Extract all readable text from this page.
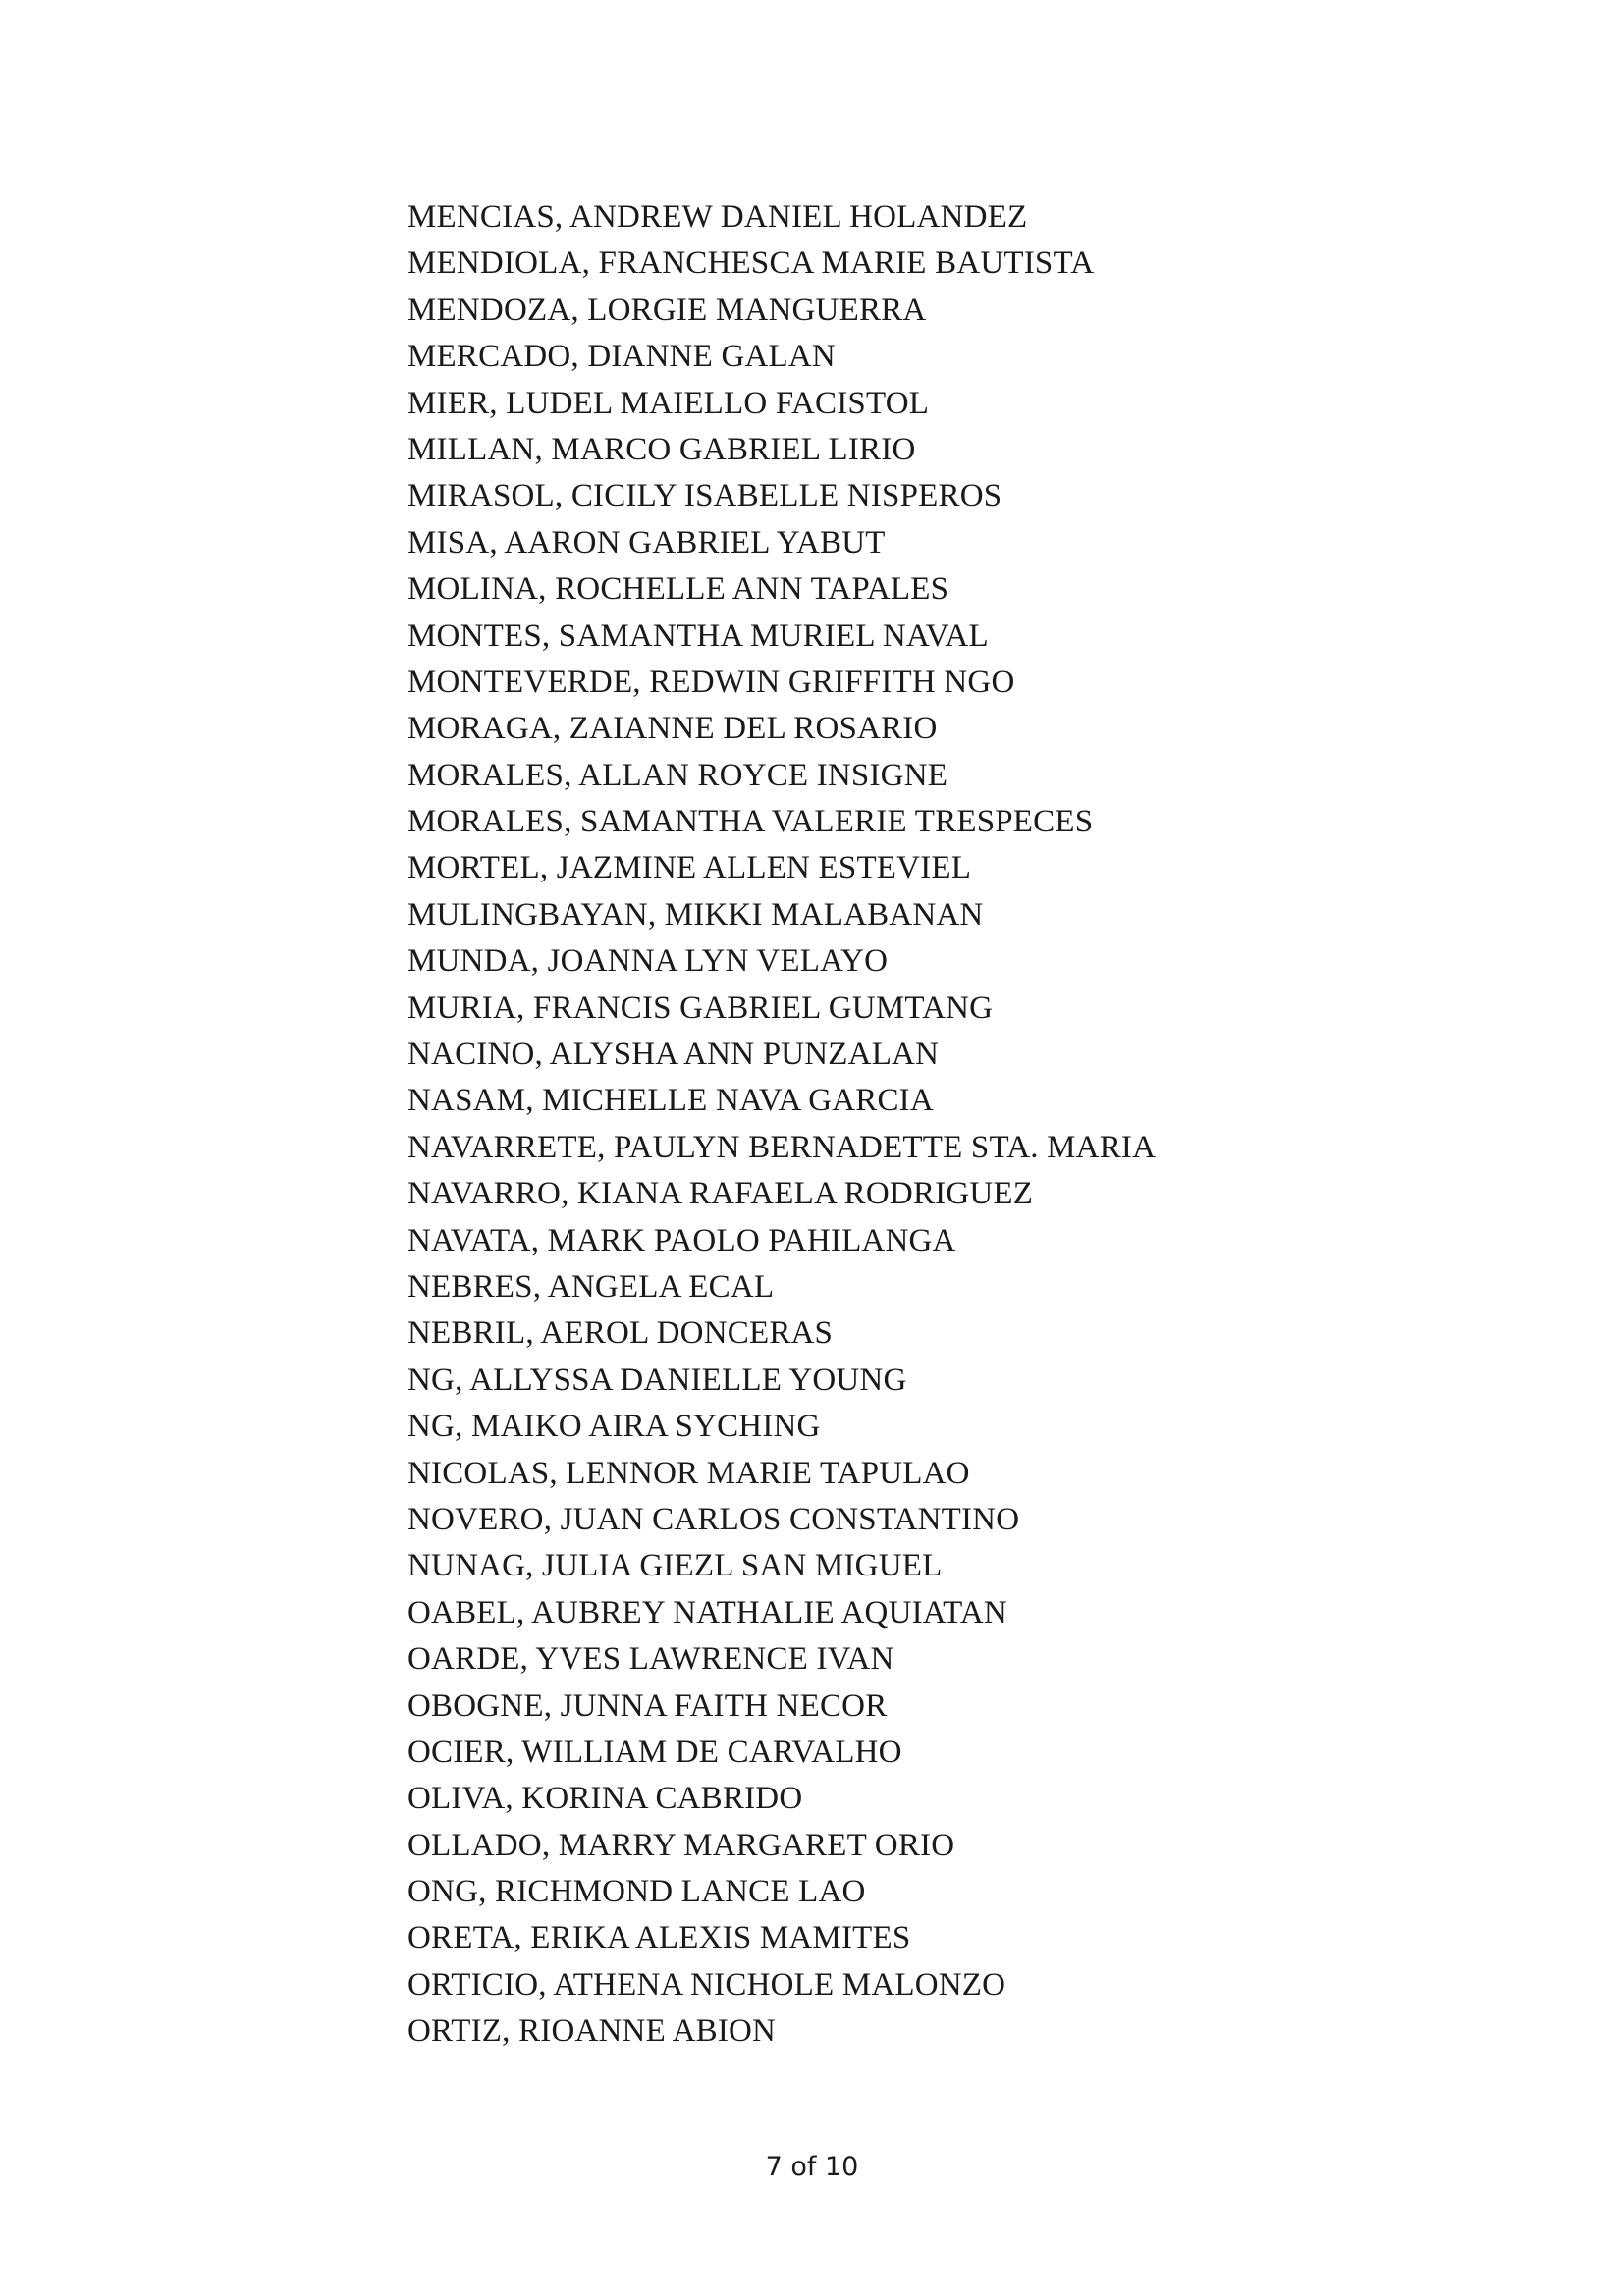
MENCIAS, ANDREW DANIEL HOLANDEZ
MENDIOLA, FRANCHESCA MARIE BAUTISTA
MENDOZA, LORGIE MANGUERRA
MERCADO, DIANNE GALAN
MIER, LUDEL MAIELLO FACISTOL
MILLAN, MARCO GABRIEL LIRIO
MIRASOL, CICILY ISABELLE NISPEROS
MISA, AARON GABRIEL YABUT
MOLINA, ROCHELLE ANN TAPALES
MONTES, SAMANTHA MURIEL NAVAL
MONTEVERDE, REDWIN GRIFFITH NGO
MORAGA, ZAIANNE DEL ROSARIO
MORALES, ALLAN ROYCE INSIGNE
MORALES, SAMANTHA VALERIE TRESPECES
MORTEL, JAZMINE ALLEN ESTEVIEL
MULINGBAYAN, MIKKI MALABANAN
MUNDA, JOANNA LYN VELAYO
MURIA, FRANCIS GABRIEL GUMTANG
NACINO, ALYSHA ANN PUNZALAN
NASAM, MICHELLE NAVA GARCIA
NAVARRETE, PAULYN BERNADETTE STA. MARIA
NAVARRO, KIANA RAFAELA RODRIGUEZ
NAVATA, MARK PAOLO PAHILANGA
NEBRES, ANGELA ECAL
NEBRIL, AEROL DONCERAS
NG, ALLYSSA DANIELLE YOUNG
NG, MAIKO AIRA SYCHING
NICOLAS, LENNOR MARIE TAPULAO
NOVERO, JUAN CARLOS CONSTANTINO
NUNAG, JULIA GIEZL SAN MIGUEL
OABEL, AUBREY NATHALIE AQUIATAN
OARDE, YVES LAWRENCE IVAN
OBOGNE, JUNNA FAITH NECOR
OCIER, WILLIAM DE CARVALHO
OLIVA, KORINA CABRIDO
OLLADO, MARRY MARGARET ORIO
ONG, RICHMOND LANCE LAO
ORETA, ERIKA ALEXIS MAMITES
ORTICIO, ATHENA NICHOLE MALONZO
ORTIZ, RIOANNE ABION
7 of 10
